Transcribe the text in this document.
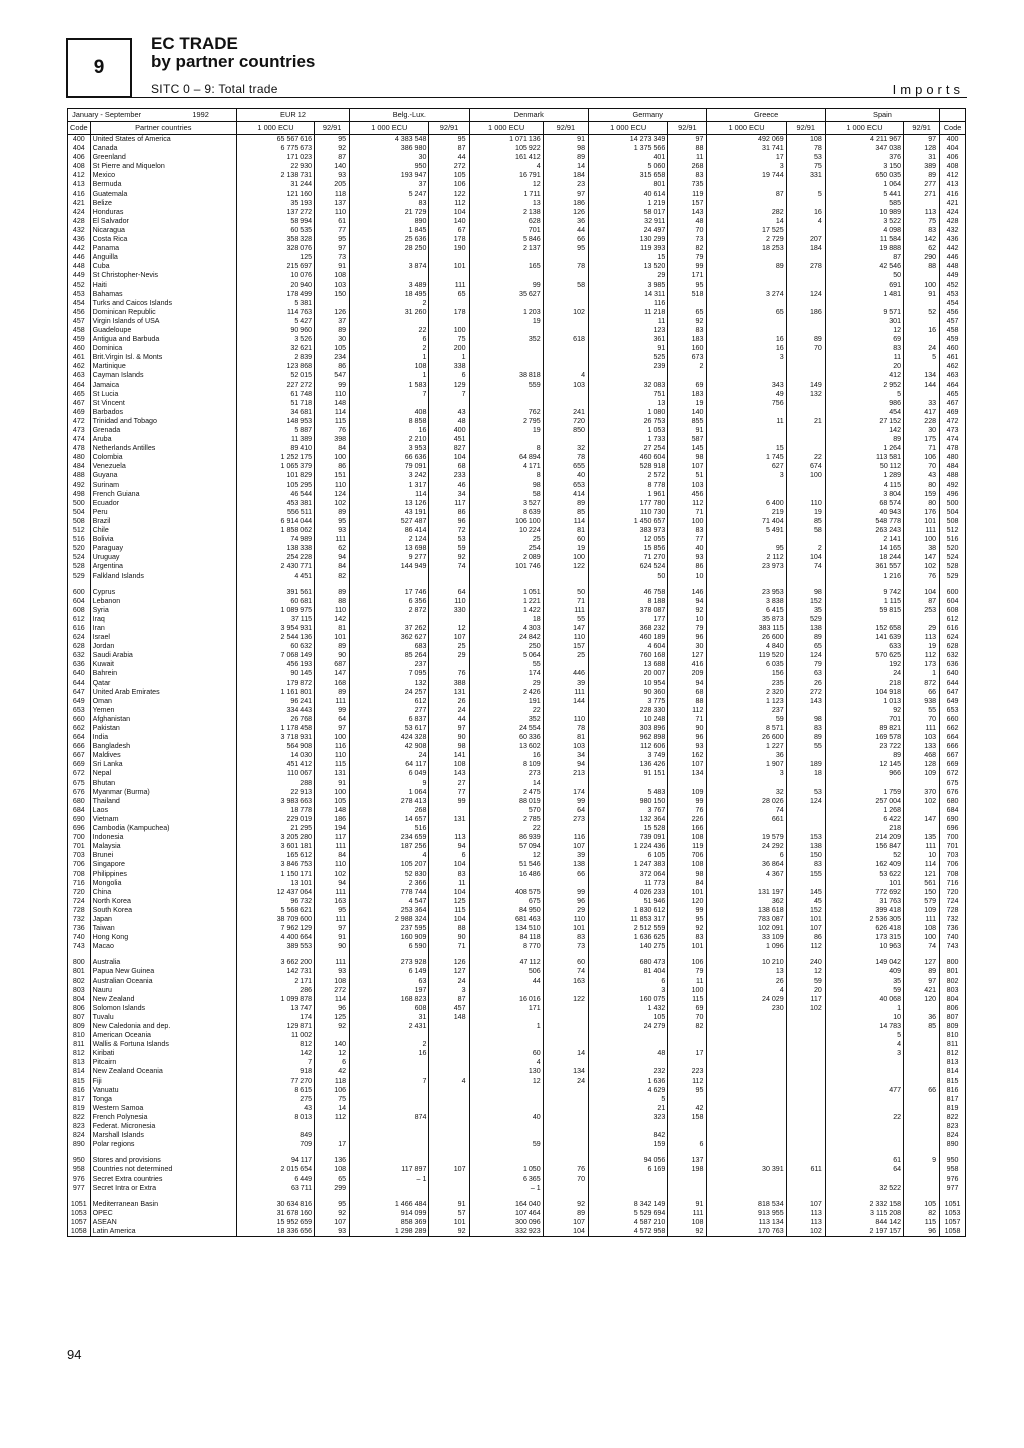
9
EC TRADE
by partner countries
SITC 0 – 9: Total trade	Imports
January - September 1992		EUR 12		Belg.-Lux.		Denmark		Germany		Greece		Spain		
Code	Partner countries	1 000 ECU	92/91	1 000 ECU	92/91	1 000 ECU	92/91	1 000 ECU	92/91	1 000 ECU	92/91	1 000 ECU	92/91	Code
400	United States of America	65 567 616	95	4 383 548	95	1 071 136	91	14 273 349	97	492 069	108	4 211 967	97	400
404	Canada	6 775 673	92	386 980	87	105 922	98	1 375 566	88	31 741	78	347 038	128	404
406	Greenland	171 023	87	30	44	161 412	89	401	11	17	53	376	31	406
408	St Pierre and Miquelon	22 930	140	950	272	4	14	5 060	268	3	75	3 150	389	408
412	Mexico	2 138 731	93	193 947	105	16 791	184	315 658	83	19 744	331	650 035	89	412
413	Bermuda	31 244	205	37	106	12	23	801	735			1 064	277	413
416	Guatemala	121 160	118	5 247	122	1 711	97	40 614	119	87	5	5 441	271	416
421	Belize	35 193	137	83	112	13	186	1 219	157			585		421
424	Honduras	137 272	110	21 729	104	2 138	126	58 017	143	282	16	10 989	113	424
428	El Salvador	58 994	61	890	140	628	36	32 911	48	14	4	3 522	75	428
432	Nicaragua	60 535	77	1 845	67	701	44	24 497	70	17 525		4 098	83	432
436	Costa Rica	358 328	95	25 636	178	5 846	66	130 299	73	2 729	207	11 584	142	436
442	Panama	328 076	97	28 250	190	2 137	95	119 393	82	18 253	184	19 888	62	442
446	Anguilla	125	73					15	79			87	290	446
448	Cuba	215 697	91	3 874	101	165	78	13 520	99	89	278	42 546	88	448
449	St Christopher-Nevis	10 076	108					29	171			50		449
452	Haiti	20 940	103	3 489	111	99	58	3 985	95			691	100	452
453	Bahamas	178 499	150	18 495	65	35 627		14 311	518	3 274	124	1 481	91	453
454	Turks and Caicos Islands	5 381		2				116						454
456	Dominican Republic	114 763	126	31 260	178	1 203	102	11 218	65	65	186	9 571	52	456
457	Virgin Islands of USA	5 427	37			19		11	92			301		457
458	Guadeloupe	90 960	89	22	100			123	83			12	16	458
459	Antigua and Barbuda	3 526	30	6	75	352	618	361	183	16	89	69		459
460	Dominica	32 621	105	2	200			91	160	16	70	83	24	460
461	Brit.Virgin Isl. & Monts	2 839	234	1	1			525	673	3		11	5	461
462	Martinique	123 868	86	108	338			239	2			20		462
463	Cayman Islands	52 015	547	1	6	38 818	4					412	134	463
464	Jamaica	227 272	99	1 583	129	559	103	32 083	69	343	149	2 952	144	464
465	St Lucia	61 748	110	7	7			751	183	49	132	5		465
467	St Vincent	51 718	148					13	19	756		986	33	467
469	Barbados	34 681	114	408	43	762	241	1 080	140			454	417	469
472	Trinidad and Tobago	148 953	115	8 858	48	2 795	720	26 753	855	11	21	27 152	228	472
473	Grenada	5 887	76	16	400	19	850	1 053	91			142	30	473
474	Aruba	11 389	398	2 210	451			1 733	587			89	175	474
478	Netherlands Antilles	89 410	84	3 953	827	8	32	27 254	145	15		1 264	71	478
480	Colombia	1 252 175	100	66 636	104	64 894	78	460 604	98	1 745	22	113 581	106	480
484	Venezuela	1 065 379	86	79 091	68	4 171	655	528 918	107	627	674	50 112	70	484
488	Guyana	101 829	151	3 242	233	8	40	2 572	51	3	100	1 289	43	488
492	Surinam	105 295	110	1 317	46	98	653	8 778	103			4 115	80	492
498	French Guiana	46 544	124	114	34	58	414	1 961	456			3 804	159	496
500	Ecuador	453 381	102	13 126	117	3 527	89	177 780	112	6 400	110	68 574	80	500
504	Peru	556 511	89	43 191	86	8 639	85	110 730	71	219	19	40 943	176	504
508	Brazil	6 914 044	95	527 487	96	106 100	114	1 450 657	100	71 404	85	548 778	101	508
512	Chile	1 858 062	93	86 414	72	10 224	81	383 973	83	5 491	58	263 243	111	512
516	Bolivia	74 989	111	2 124	53	25	60	12 055	77			2 141	100	516
520	Paraguay	138 338	62	13 698	59	254	19	15 856	40	95	2	14 165	38	520
524	Uruguay	254 228	94	9 277	92	2 089	100	71 270	93	2 112	104	18 244	147	524
528	Argentina	2 430 771	84	144 949	74	101 746	122	624 524	86	23 973	74	361 557	102	528
529	Falkland Islands	4 451	82					50	10			1 216	76	529

600	Cyprus	391 561	89	17 746	64	1 051	50	46 758	146	23 953	98	9 742	104	600
604	Lebanon	60 681	88	6 356	110	1 221	71	8 188	94	3 838	152	1 115	87	604
608	Syria	1 089 975	110	2 872	330	1 422	111	378 087	92	6 415	35	59 815	253	608
612	Iraq	37 115	142			18	55	177	10	35 873	529			612
616	Iran	3 954 931	81	37 262	12	4 303	147	368 232	79	383 115	138	152 658	29	616
624	Israel	2 544 136	101	362 627	107	24 842	110	460 189	96	26 600	89	141 639	113	624
628	Jordan	60 632	89	683	25	250	157	4 604	30	4 840	65	633	19	628
632	Saudi Arabia	7 068 149	90	85 264	29	5 064	25	760 168	127	119 520	124	570 625	112	632
636	Kuwait	456 193	687	237		55		13 688	416	6 035	79	192	173	636
640	Bahrein	90 145	147	7 095	76	174	446	20 007	209	156	63	24	1	640
644	Qatar	179 872	168	132	388	29	39	10 954	94	235	26	218	872	644
647	United Arab Emirates	1 161 801	89	24 257	131	2 426	111	90 360	68	2 320	272	104 918	66	647
649	Oman	96 241	111	612	26	191	144	3 775	88	1 123	143	1 013	938	649
653	Yemen	334 443	99	277	24	22		228 330	112	237		92	55	653
660	Afghanistan	26 768	64	6 837	44	352	110	10 248	71	59	98	701	70	660
662	Pakistan	1 178 458	97	53 617	97	24 554	78	303 896	90	8 571	83	89 821	111	662
664	India	3 718 931	100	424 328	90	60 336	81	962 898	96	26 600	89	169 578	103	664
666	Bangladesh	564 908	116	42 908	98	13 602	103	112 606	93	1 227	55	23 722	133	666
667	Maldives	14 030	110	24	141	16	34	3 749	162	36		89	468	667
669	Sri Lanka	451 412	115	64 117	108	8 109	94	136 426	107	1 907	189	12 145	128	669
672	Nepal	110 067	131	6 049	143	273	213	91 151	134	3	18	966	109	672
675	Bhutan	288	91	9	27	14								675
676	Myanmar (Burma)	22 913	100	1 064	77	2 475	174	5 483	109	32	53	1 759	370	676
680	Thailand	3 983 663	105	278 413	99	88 019	99	980 150	99	28 026	124	257 004	102	680
684	Laos	18 778	148	268		570	64	3 767	76	74		1 268		684
690	Vietnam	229 019	186	14 657	131	2 785	273	132 364	226	661		6 422	147	690
696	Cambodia (Kampuchea)	21 295	194	516		22		15 528	166			218		696
700	Indonesia	3 205 280	117	234 659	113	86 939	116	739 091	108	19 579	153	214 209	135	700
701	Malaysia	3 601 181	111	187 256	94	57 094	107	1 224 436	119	24 292	138	156 847	111	701
703	Brunei	165 612	84	4	6	12	39	6 105	706	6	150	52	10	703
706	Singapore	3 846 753	110	105 207	104	51 546	138	1 247 383	108	36 864	83	162 409	114	706
708	Philippines	1 150 171	102	52 830	83	16 486	66	372 064	98	4 367	155	53 622	121	708
716	Mongolia	13 101	94	2 366	11			11 773	84			101	561	716
720	China	12 437 064	111	778 744	104	408 575	99	4 026 233	101	131 197	145	772 692	150	720
724	North Korea	96 732	163	4 547	125	675	96	51 946	120	362	45	31 763	579	724
728	South Korea	5 568 621	95	253 364	115	84 950	29	1 830 612	99	138 618	152	399 418	109	728
732	Japan	38 709 600	111	2 988 324	104	681 463	110	11 853 317	95	783 087	101	2 536 305	111	732
736	Taiwan	7 962 129	97	237 595	88	134 510	101	2 512 559	92	102 091	107	626 418	108	736
740	Hong Kong	4 400 664	91	160 909	90	84 118	83	1 636 625	83	33 109	86	173 315	100	740
743	Macao	389 553	90	6 590	71	8 770	73	140 275	101	1 096	112	10 963	74	743

800	Australia	3 662 200	111	273 928	126	47 112	60	680 473	106	10 210	240	149 042	127	800
801	Papua New Guinea	142 731	93	6 149	127	506	74	81 404	79	13	12	409	89	801
802	Australian Oceania	2 171	108	63	24	44	163	6	11	26	59	35	97	802
803	Nauru	286	272	197	3			3	100	4	20	59	421	803
804	New Zealand	1 099 878	114	168 823	87	16 016	122	160 075	115	24 029	117	40 068	120	804
806	Solomon Islands	13 747	96	608	457	171		1 432	69	230	102	1		806
807	Tuvalu	174	125	31	148			105	70			10	36	807
809	New Caledonia and dep.	129 871	92	2 431		1		24 279	82			14 783	85	809
810	American Oceania	11 002										5		810
811	Wallis & Fortuna Islands	812	140	2								4		811
812	Kiribati	142	12	16		60	14	48	17			3		812
813	Pitcairn	7	6			4								813
814	New Zealand Oceania	918	42			130	134	232	223					814
815	Fiji	77 270	118	7	4	12	24	1 636	112					815
816	Vanuatu	8 615	106					4 629	95			477	66	816
817	Tonga	275	75					5						817
819	Western Samoa	43	14					21	42					819
822	French Polynesia	8 013	112	874		40		323	158			22		822
823	Federat. Micronesia													823
824	Marshall Islands	849						842						824
890	Polar regions	709	17			59		159	6					890

950	Stores and provisions	94 117	136					94 056	137			61	9	950
958	Countries not determined	2 015 654	108	117 897	107	1 050	76	6 169	198	30 391	611	64		958
976	Secret Extra countries	6 449	65	– 1		6 365	70							976
977	Secret Intra or Extra	63 711	299			– 1						32 522		977

1051	Mediterranean Basin	30 634 816	95	1 466 484	91	164 040	92	8 342 149	91	818 534	107	2 332 158	105	1051
1053	OPEC	31 678 160	92	914 099	57	107 464	89	5 529 694	111	913 955	113	3 115 208	82	1053
1057	ASEAN	15 952 659	107	858 369	101	300 096	107	4 587 210	108	113 134	113	844 142	115	1057
1058	Latin America	18 336 656	93	1 298 289	92	332 923	104	4 572 958	92	170 763	102	2 197 157	96	1058
94
